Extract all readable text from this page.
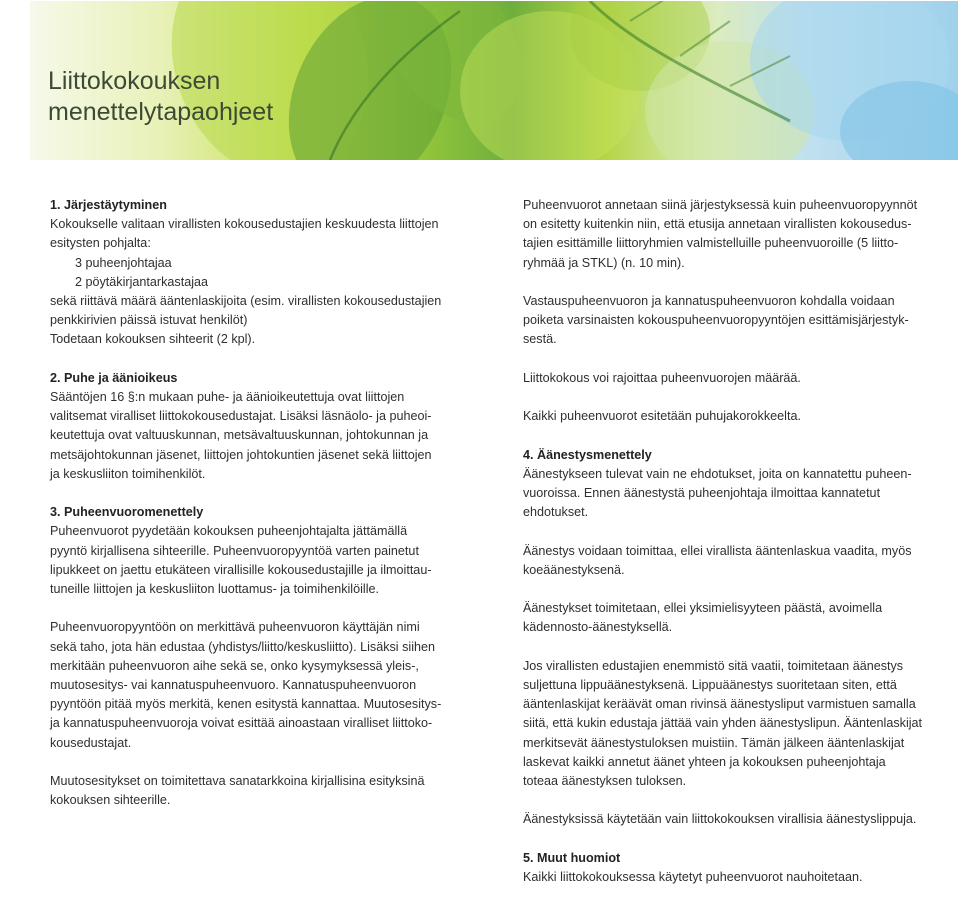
Liittokokouksen
menettelytapaohjeet
1. Järjestäytyminen
Kokoukselle valitaan virallisten kokousedustajien keskuudesta liittojen
esitysten pohjalta:
3 puheenjohtajaa
2 pöytäkirjantarkastajaa
sekä riittävä määrä ääntenlaskijoita (esim. virallisten kokousedustajien
penkkirivien päissä istuvat henkilöt)
Todetaan kokouksen sihteerit (2 kpl).
2. Puhe ja äänioikeus
Sääntöjen 16 §:n mukaan puhe- ja äänioikeutettuja ovat liittojen
valitsemat viralliset liittokokousedustajat. Lisäksi läsnäolo- ja puheoi-
keutettuja ovat valtuuskunnan, metsävaltuuskunnan, johtokunnan ja
metsäjohtokunnan jäsenet, liittojen johtokuntien jäsenet sekä liittojen
ja keskusliiton toimihenkilöt.
3. Puheenvuoromenettely
Puheenvuorot pyydetään kokouksen puheenjohtajalta jättämällä
pyyntö kirjallisena sihteerille. Puheenvuoropyyntöä varten painetut
lipukkeet on jaettu etukäteen virallisille kokousedustajille ja ilmoittau-
tuneille liittojen ja keskusliiton luottamus- ja toimihenkilöille.
Puheenvuoropyyntöön on merkittävä puheenvuoron käyttäjän nimi
sekä taho, jota hän edustaa (yhdistys/liitto/keskusliitto). Lisäksi siihen
merkitään puheenvuoron aihe sekä se, onko kysymyksessä yleis-,
muutosesitys- vai kannatuspuheenvuoro. Kannatuspuheenvuoron
pyyntöön pitää myös merkitä, kenen esitystä kannattaa. Muutosesitys-
ja kannatuspuheenvuoroja voivat esittää ainoastaan viralliset liittoko-
kousedustajat.
Muutosesitykset on toimitettava sanatarkkoina kirjallisina esityksinä
kokouksen sihteerille.
Puheenvuorot annetaan siinä järjestyksessä kuin puheenvuoropyynnöt
on esitetty kuitenkin niin, että etusija annetaan virallisten kokousedus-
tajien esittämille liittoryhmien valmistelluille puheenvuoroille (5 liitto-
ryhmää ja STKL) (n. 10 min).
Vastauspuheenvuoron ja kannatuspuheenvuoron kohdalla voidaan
poiketa varsinaisten kokouspuheenvuoropyyntöjen esittämisjärjestyk-
sestä.
Liittokokous voi rajoittaa puheenvuorojen määrää.
Kaikki puheenvuorot esitetään puhujakorokkeelta.
4. Äänestysmenettely
Äänestykseen tulevat vain ne ehdotukset, joita on kannatettu puheen-
vuoroissa. Ennen äänestystä puheenjohtaja ilmoittaa kannatetut
ehdotukset.
Äänestys voidaan toimittaa, ellei virallista ääntenlaskua vaadita, myös
koeäänestyksenä.
Äänestykset toimitetaan, ellei yksimielisyyteen päästä, avoimella
kädennosto-äänestyksellä.
Jos virallisten edustajien enemmistö sitä vaatii, toimitetaan äänestys
suljettuna lippuäänestyksenä. Lippuäänestys suoritetaan siten, että
ääntenlaskijat keräävät oman rivinsä äänestysliput varmistuen samalla
siitä, että kukin edustaja jättää vain yhden äänestyslipun. Ääntenlaskijat
merkitsevät äänestystuloksen muistiin. Tämän jälkeen ääntenlaskijat
laskevat kaikki annetut äänet yhteen ja kokouksen puheenjohtaja
toteaa äänestyksen tuloksen.
Äänestyksissä käytetään vain liittokokouksen virallisia äänestyslippuja.
5. Muut huomiot
Kaikki liittokokouksessa käytetyt puheenvuorot nauhoitetaan.
